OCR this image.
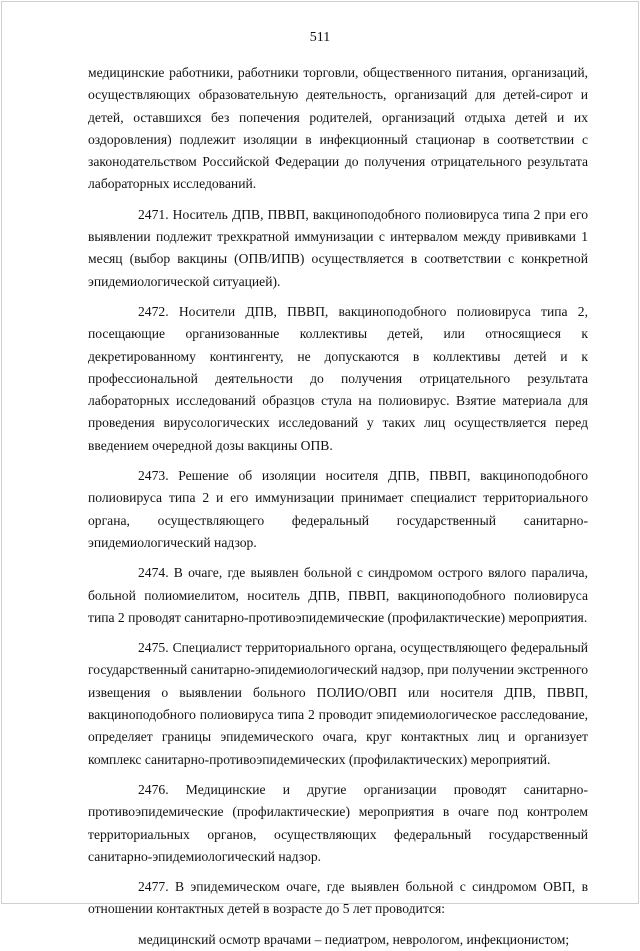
511

медицинские работники, работники торговли, общественного питания, организаций, осуществляющих образовательную деятельность, организаций для детей-сирот и детей, оставшихся без попечения родителей, организаций отдыха детей и их оздоровления) подлежит изоляции в инфекционный стационар в соответствии с законодательством Российской Федерации до получения отрицательного результата лабораторных исследований.

2471. Носитель ДПВ, ПВВП, вакциноподобного полиовируса типа 2 при его выявлении подлежит трехкратной иммунизации с интервалом между прививками 1 месяц (выбор вакцины (ОПВ/ИПВ) осуществляется в соответствии с конкретной эпидемиологической ситуацией).

2472. Носители ДПВ, ПВВП, вакциноподобного полиовируса типа 2, посещающие организованные коллективы детей, или относящиеся к декретированному контингенту, не допускаются в коллективы детей и к профессиональной деятельности до получения отрицательного результата лабораторных исследований образцов стула на полиовирус. Взятие материала для проведения вирусологических исследований у таких лиц осуществляется перед введением очередной дозы вакцины ОПВ.

2473. Решение об изоляции носителя ДПВ, ПВВП, вакциноподобного полиовируса типа 2 и его иммунизации принимает специалист территориального органа, осуществляющего федеральный государственный санитарно-эпидемиологический надзор.

2474. В очаге, где выявлен больной с синдромом острого вялого паралича, больной полиомиелитом, носитель ДПВ, ПВВП, вакциноподобного полиовируса типа 2 проводят санитарно-противоэпидемические (профилактические) мероприятия.

2475. Специалист территориального органа, осуществляющего федеральный государственный санитарно-эпидемиологический надзор, при получении экстренного извещения о выявлении больного ПОЛИО/ОВП или носителя ДПВ, ПВВП, вакциноподобного полиовируса типа 2 проводит эпидемиологическое расследование, определяет границы эпидемического очага, круг контактных лиц и организует комплекс санитарно-противоэпидемических (профилактических) мероприятий.

2476. Медицинские и другие организации проводят санитарно-противоэпидемические (профилактические) мероприятия в очаге под контролем территориальных органов, осуществляющих федеральный государственный санитарно-эпидемиологический надзор.

2477. В эпидемическом очаге, где выявлен больной с синдромом ОВП, в отношении контактных детей в возрасте до 5 лет проводится:

медицинский осмотр врачами – педиатром, неврологом, инфекционистом;
